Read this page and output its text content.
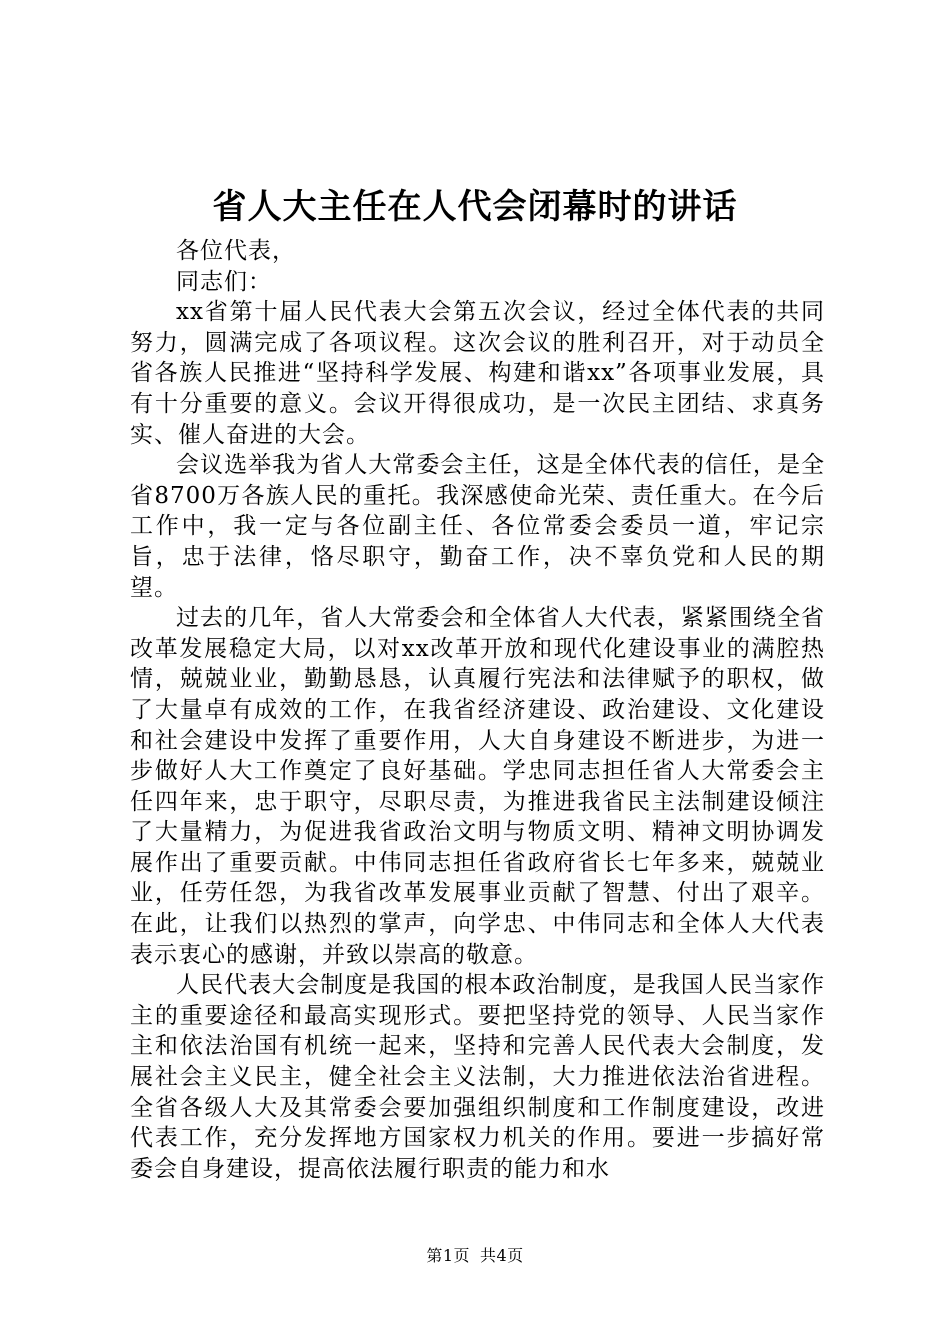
省人大主任在人代会闭幕时的讲话

各位代表，

同志们：

xx省第十届人民代表大会第五次会议，经过全体代表的共同努力，圆满完成了各项议程。这次会议的胜利召开，对于动员全省各族人民推进“坚持科学发展、构建和谐xx”各项事业发展，具有十分重要的意义。会议开得很成功，是一次民主团结、求真务实、催人奋进的大会。

会议选举我为省人大常委会主任，这是全体代表的信任，是全省8700万各族人民的重托。我深感使命光荣、责任重大。在今后工作中，我一定与各位副主任、各位常委会委员一道，牢记宗旨，忠于法律，恪尽职守，勤奋工作，决不辜负党和人民的期望。

过去的几年，省人大常委会和全体省人大代表，紧紧围绕全省改革发展稳定大局，以对xx改革开放和现代化建设事业的满腔热情，兢兢业业，勤勤恳恳，认真履行宪法和法律赋予的职权，做了大量卓有成效的工作，在我省经济建设、政治建设、文化建设和社会建设中发挥了重要作用，人大自身建设不断进步，为进一步做好人大工作奠定了良好基础。学忠同志担任省人大常委会主任四年来，忠于职守，尽职尽责，为推进我省民主法制建设倾注了大量精力，为促进我省政治文明与物质文明、精神文明协调发展作出了重要贡献。中伟同志担任省政府省长七年多来，兢兢业业，任劳任怨，为我省改革发展事业贡献了智慧、付出了艰辛。在此，让我们以热烈的掌声，向学忠、中伟同志和全体人大代表表示衷心的感谢，并致以崇高的敬意。

人民代表大会制度是我国的根本政治制度，是我国人民当家作主的重要途径和最高实现形式。要把坚持党的领导、人民当家作主和依法治国有机统一起来，坚持和完善人民代表大会制度，发展社会主义民主，健全社会主义法制，大力推进依法治省进程。全省各级人大及其常委会要加强组织制度和工作制度建设，改进代表工作，充分发挥地方国家权力机关的作用。要进一步搞好常委会自身建设，提高依法履行职责的能力和水

第1页 共4页
